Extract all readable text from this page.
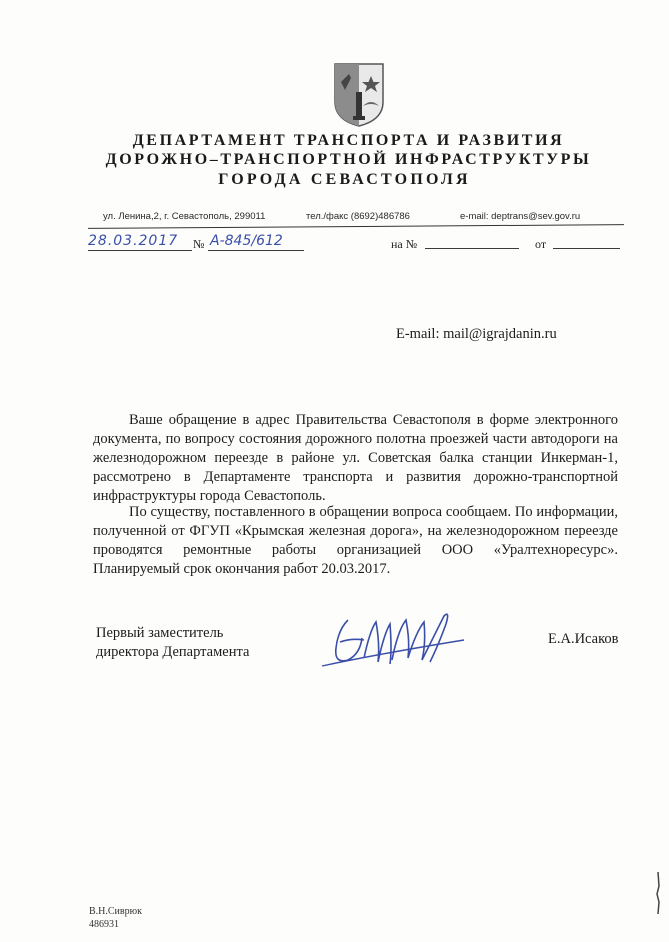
ДЕПАРТАМЕНТ ТРАНСПОРТА И РАЗВИТИЯ
ДОРОЖНО–ТРАНСПОРТНОЙ ИНФРАСТРУКТУРЫ
ГОРОДА СЕВАСТОПОЛЯ
ул. Ленина,2, г. Севастополь, 299011	тел./факс (8692)486786	e-mail: deptrans@sev.gov.ru
28.03.2017 № А-845/612	на №	от
E-mail: mail@igrajdanin.ru
Ваше обращение в адрес Правительства Севастополя в форме электронного документа, по вопросу состояния дорожного полотна проезжей части автодороги на железнодорожном переезде в районе ул. Советская балка станции Инкерман-1, рассмотрено в Департаменте транспорта и развития дорожно-транспортной инфраструктуры города Севастополь.
По существу, поставленного в обращении вопроса сообщаем. По информации, полученной от ФГУП «Крымская железная дорога», на железнодорожном переезде проводятся ремонтные работы организацией ООО «Уралтехноресурс». Планируемый срок окончания работ 20.03.2017.
Первый заместитель
директора Департамента
Е.А.Исаков
В.Н.Сиврюк
486931
